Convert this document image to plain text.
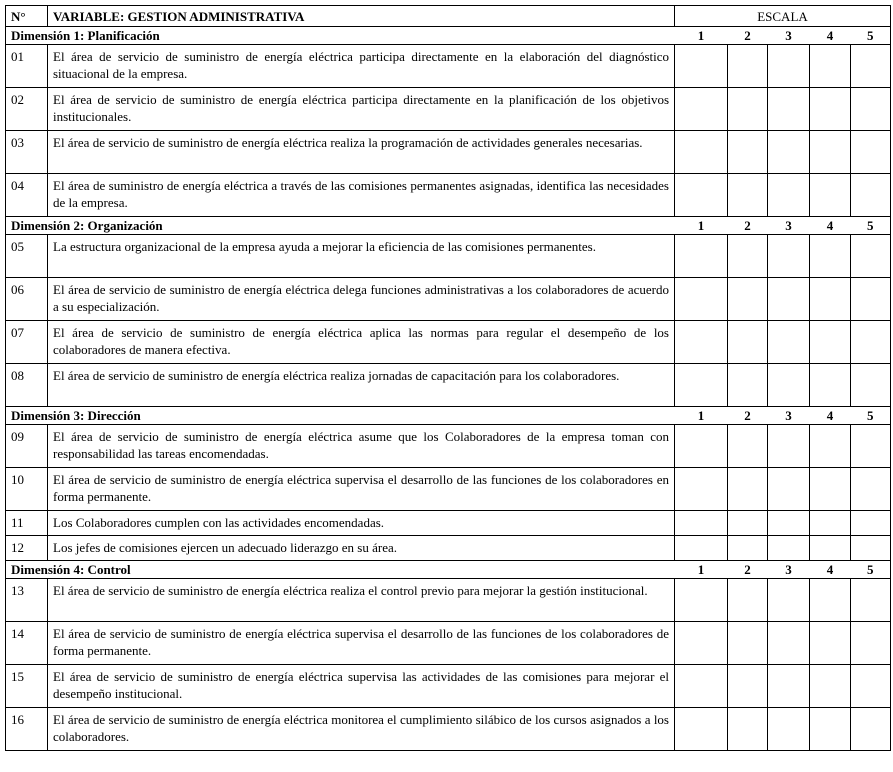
N°	VARIABLE: GESTION ADMINISTRATIVA	ESCALA				
Dimensión 1: Planificación		1	2	3	4	5
01	El área de servicio de suministro de energía eléctrica participa directamente en la elaboración del diagnóstico situacional de la empresa.					
02	El área de servicio de suministro de energía eléctrica participa directamente en la planificación de los objetivos institucionales.					
03	El área de servicio de suministro de energía eléctrica realiza la programación de actividades generales necesarias.					
04	El área de suministro de energía eléctrica a través de las comisiones permanentes asignadas, identifica las necesidades de la empresa.					
Dimensión 2: Organización		1	2	3	4	5
05	La estructura organizacional de la empresa ayuda a mejorar la eficiencia de las comisiones permanentes.					
06	El área de servicio de suministro de energía eléctrica delega funciones administrativas a los colaboradores de acuerdo a su especialización.					
07	El área de servicio de suministro de energía eléctrica aplica las normas para regular el desempeño de los colaboradores de manera efectiva.					
08	El área de servicio de suministro de energía eléctrica realiza jornadas de capacitación para los colaboradores.					
Dimensión 3: Dirección		1	2	3	4	5
09	El área de servicio de suministro de energía eléctrica asume que los Colaboradores de la empresa toman con responsabilidad las tareas encomendadas.					
10	El área de servicio de suministro de energía eléctrica supervisa el desarrollo de las funciones de los colaboradores en forma permanente.					
11	Los Colaboradores cumplen con las actividades encomendadas.					
12	Los jefes de comisiones ejercen un adecuado liderazgo en su área.					
Dimensión 4: Control		1	2	3	4	5
13	El área de servicio de suministro de energía eléctrica realiza el control previo para mejorar la gestión institucional.					
14	El área de servicio de suministro de energía eléctrica supervisa el desarrollo de las funciones de los colaboradores de forma permanente.					
15	El área de servicio de suministro de energía eléctrica supervisa las actividades de las comisiones para mejorar el desempeño institucional.					
16	El área de servicio de suministro de energía eléctrica monitorea el cumplimiento silábico de los cursos asignados a los colaboradores.					
